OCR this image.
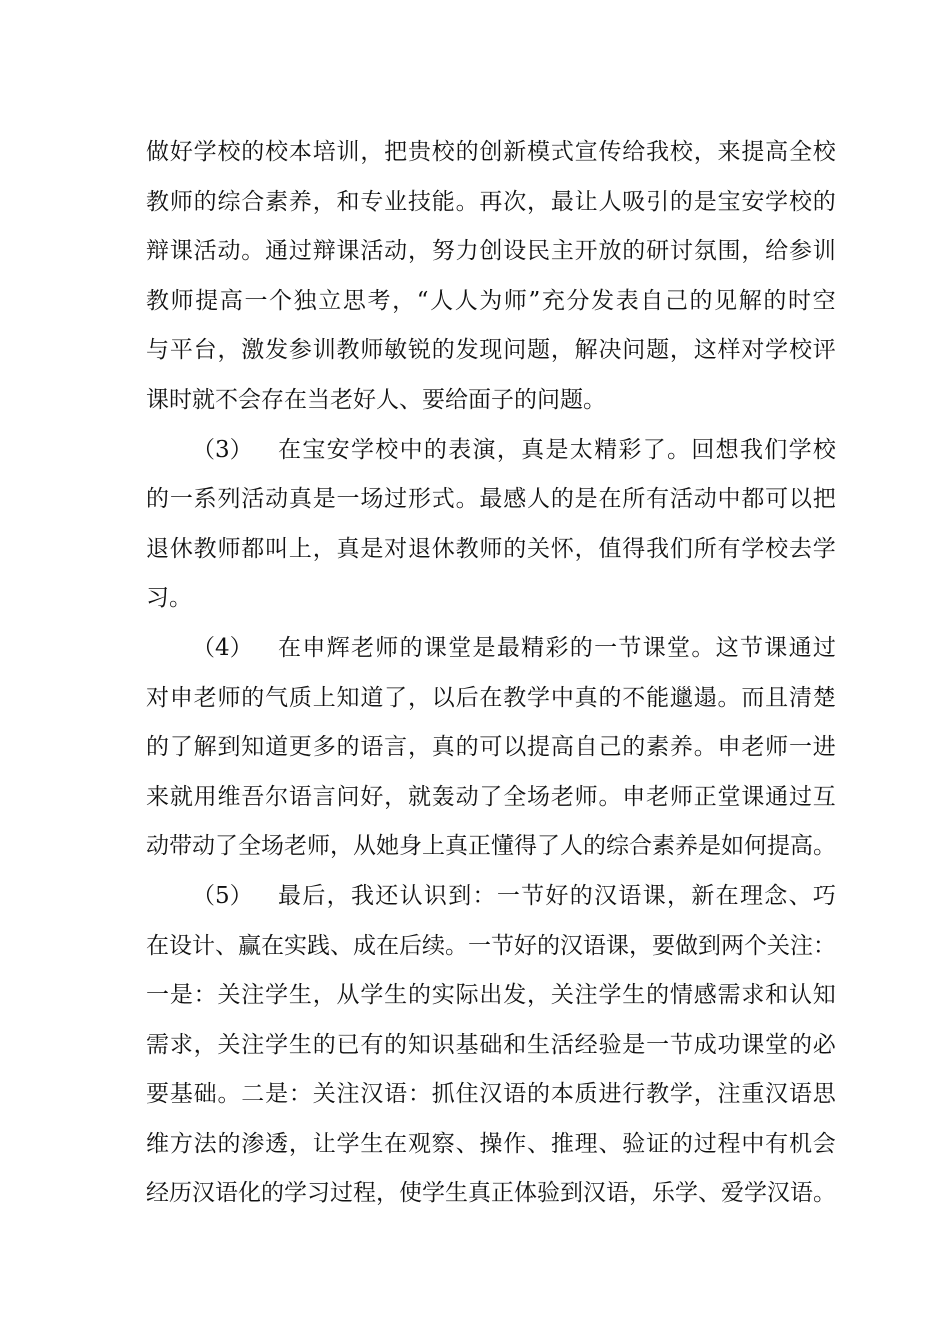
做 好 学 校 的 校 本 培 训 ， 把 贵 校 的 创 新 模 式 宣 传 给 我 校 ， 来 提 高 全 校
教 师 的 综 合 素 养 ， 和 专 业 技 能 。 再 次 ， 最 让 人 吸 引 的 是 宝 安 学 校 的
辩 课 活 动 。 通 过 辩 课 活 动 ， 努 力 创 设 民 主 开 放 的 研 讨 氛 围 ， 给 参 训
教 师 提 高 一 个 独 立 思 考 ， “ 人 人 为 师 ” 充 分 发 表 自 己 的 见 解 的 时 空
与 平 台 ， 激 发 参 训 教 师 敏 锐 的 发 现 问 题 ， 解 决 问 题 ， 这 样 对 学 校 评
课时就不会存在当老好人、要给面子的问题。
（3）	在 宝 安 学 校 中 的 表 演 ， 真 是 太 精 彩 了 。 回 想 我 们 学 校
的 一 系 列 活 动 真 是 一 场 过 形 式 。 最 感 人 的 是 在 所 有 活 动 中 都 可 以 把
退 休 教 师 都 叫 上 ， 真 是 对 退 休 教 师 的 关 怀 ， 值 得 我 们 所 有 学 校 去 学
习。
（4）	在 申 辉 老 师 的 课 堂 是 最 精 彩 的 一 节 课 堂 。 这 节 课 通 过
对 申 老 师 的 气 质 上 知 道 了 ， 以 后 在 教 学 中 真 的 不 能 邋 遢 。 而 且 清 楚
的 了 解 到 知 道 更 多 的 语 言 ， 真 的 可 以 提 高 自 己 的 素 养 。 申 老 师 一 进
来 就 用 维 吾 尔 语 言 问 好 ， 就 轰 动 了 全 场 老 师 。 申 老 师 正 堂 课 通 过 互
动 带 动 了 全 场 老 师 ， 从 她 身 上 真 正 懂 得 了 人 的 综 合 素 养 是 如 何 提 高 。
（5）	最 后 ， 我 还 认 识 到 ： 一 节 好 的 汉 语 课 ， 新 在 理 念 、 巧
在 设 计 、 赢 在 实 践 、 成 在 后 续 。 一 节 好 的 汉 语 课 ， 要 做 到 两 个 关 注 ：
一 是 ： 关 注 学 生 ， 从 学 生 的 实 际 出 发 ， 关 注 学 生 的 情 感 需 求 和 认 知
需 求 ， 关 注 学 生 的 已 有 的 知 识 基 础 和 生 活 经 验 是 一 节 成 功 课 堂 的 必
要 基 础 。 二 是 ： 关 注 汉 语 ： 抓 住 汉 语 的 本 质 进 行 教 学 ， 注 重 汉 语 思
维 方 法 的 渗 透 ， 让 学 生 在 观 察 、 操 作 、 推 理 、 验 证 的 过 程 中 有 机 会
经 历 汉 语 化 的 学 习 过 程 ， 使 学 生 真 正 体 验 到 汉 语 ， 乐 学 、 爱 学 汉 语 。
